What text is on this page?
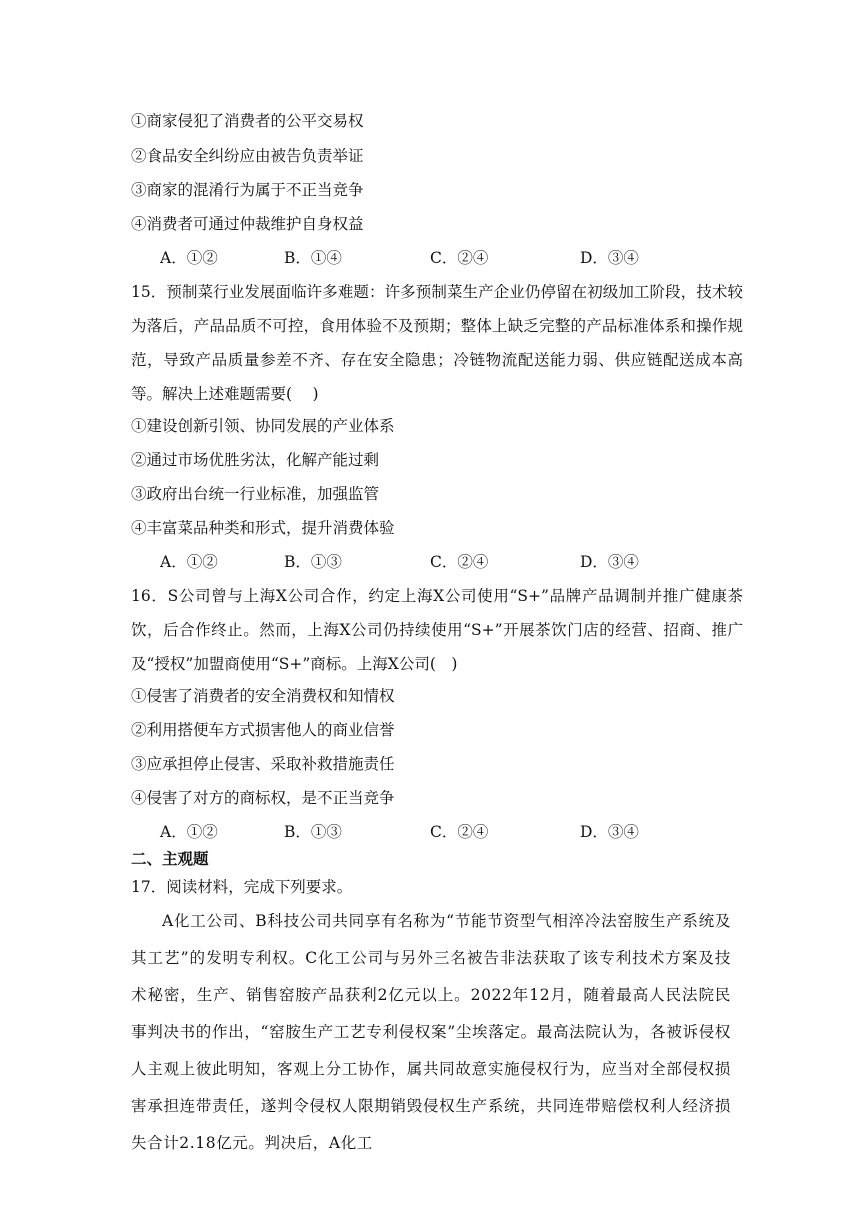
①商家侵犯了消费者的公平交易权
②食品安全纠纷应由被告负责举证
③商家的混淆行为属于不正当竞争
④消费者可通过仲裁维护自身权益
A．①②	B．①④	C．②④	D．③④
15．预制菜行业发展面临许多难题：许多预制菜生产企业仍停留在初级加工阶段，技术较为落后，产品品质不可控，食用体验不及预期；整体上缺乏完整的产品标准体系和操作规范，导致产品质量参差不齐、存在安全隐患；冷链物流配送能力弱、供应链配送成本高等。解决上述难题需要(　 )
①建设创新引领、协同发展的产业体系
②通过市场优胜劣汰，化解产能过剩
③政府出台统一行业标准，加强监管
④丰富菜品种类和形式，提升消费体验
A．①②	B．①③	C．②④	D．③④
16．S公司曾与上海X公司合作，约定上海X公司使用“S+”品牌产品调制并推广健康茶饮，后合作终止。然而，上海X公司仍持续使用“S+”开展茶饮门店的经营、招商、推广及“授权”加盟商使用“S+”商标。上海X公司(　)
①侵害了消费者的安全消费权和知情权
②利用搭便车方式损害他人的商业信誉
③应承担停止侵害、采取补救措施责任
④侵害了对方的商标权，是不正当竞争
A．①②	B．①③	C．②④	D．③④
二、主观题
17．阅读材料，完成下列要求。
A化工公司、B科技公司共同享有名称为“节能节资型气相淬冷法窑胺生产系统及其工艺”的发明专利权。C化工公司与另外三名被告非法获取了该专利技术方案及技术秘密，生产、销售窑胺产品获利2亿元以上。2022年12月，随着最高人民法院民事判决书的作出，“窑胺生产工艺专利侵权案”尘埃落定。最高法院认为，各被诉侵权人主观上彼此明知，客观上分工协作，属共同故意实施侵权行为，应当对全部侵权损害承担连带责任，遂判令侵权人限期销毁侵权生产系统，共同连带赔偿权利人经济损失合计2.18亿元。判决后，A化工
